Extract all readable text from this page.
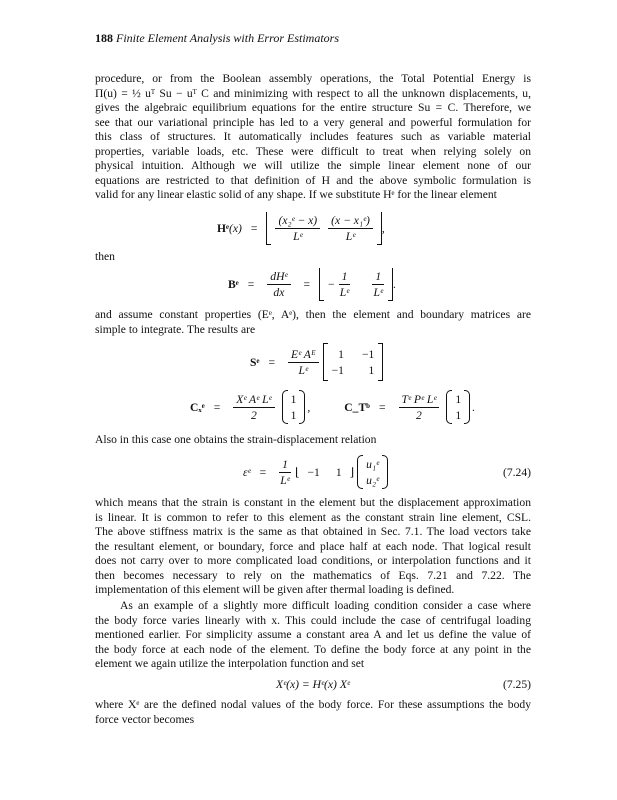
188 Finite Element Analysis with Error Estimators
procedure, or from the Boolean assembly operations, the Total Potential Energy is
Π(u) = ½ uᵀ Su − uᵀ C and minimizing with respect to all the unknown displacements, u,
gives the algebraic equilibrium equations for the entire structure Su = C. Therefore, we
see that our variational principle has led to a very general and powerful formulation for
this class of structures. It automatically includes features such as variable material
properties, variable loads, etc. These were difficult to treat when relying solely on
physical intuition. Although we will utilize the simple linear element none of our
equations are restricted to that definition of H and the above symbolic formulation is
valid for any linear elastic solid of any shape. If we substitute Hᵉ for the linear element
Hᵉ $(x) = \frac{\text{(x₂ᵉ − x)}}{\text{Lᵉ}} \frac{\text{(x − x₁ᵉ)}}{\text{Lᵉ}}$ ,
then
Bᵉ = $\frac{\text{dHᵉ}}{dx}$ = − $\frac{1}{\text{Lᵉ}} \frac{1}{\text{Lᵉ}}$ .
and assume constant properties (Eᵉ, Aᵉ), then the element and boundary matrices are
simple to integrate. The results are
Sᵉ = $\frac{\text{Eᵉ Aᴱ}}{\text{Lᵉ}}$	1 −1
−1	1
Cₓᵉ = $\frac{\text{Xᵉ Aᵉ Lᵉ}}{2} 1$
1
,	C_Tᵇ = $\frac{\text{Tᵉ Pᵉ Lᵉ}}{2} 1$
1
.
Also in this case one obtains the strain-displacement relation
εᵉ = $\frac{1}{\text{Lᵉ}}$ ⌊ −1 1 ⌋
u₁ᵉ
u₂ᵉ
(7.24)
which means that the strain is constant in the element but the displacement approximation
is linear. It is common to refer to this element as the constant strain line element, CSL.
The above stiffness matrix is the same as that obtained in Sec. 7.1. The load vectors take
the resultant element, or boundary, force and place half at each node. That logical result
does not carry over to more complicated load conditions, or interpolation functions and it
then becomes necessary to rely on the mathematics of Eqs. 7.21 and 7.22. The
implementation of this element will be given after thermal loading is defined.
As an example of a slightly more difficult loading condition consider a case where
the body force varies linearly with x. This could include the case of centrifugal loading
mentioned earlier. For simplicity assume a constant area A and let us define the value of
the body force at each node of the element. To define the body force at any point in the
element we again utilize the interpolation function and set
Xᵉ(x) = Hᵉ(x) Xᵉ	(7.25)
where Xᵉ are the defined nodal values of the body force. For these assumptions the body
force vector becomes
